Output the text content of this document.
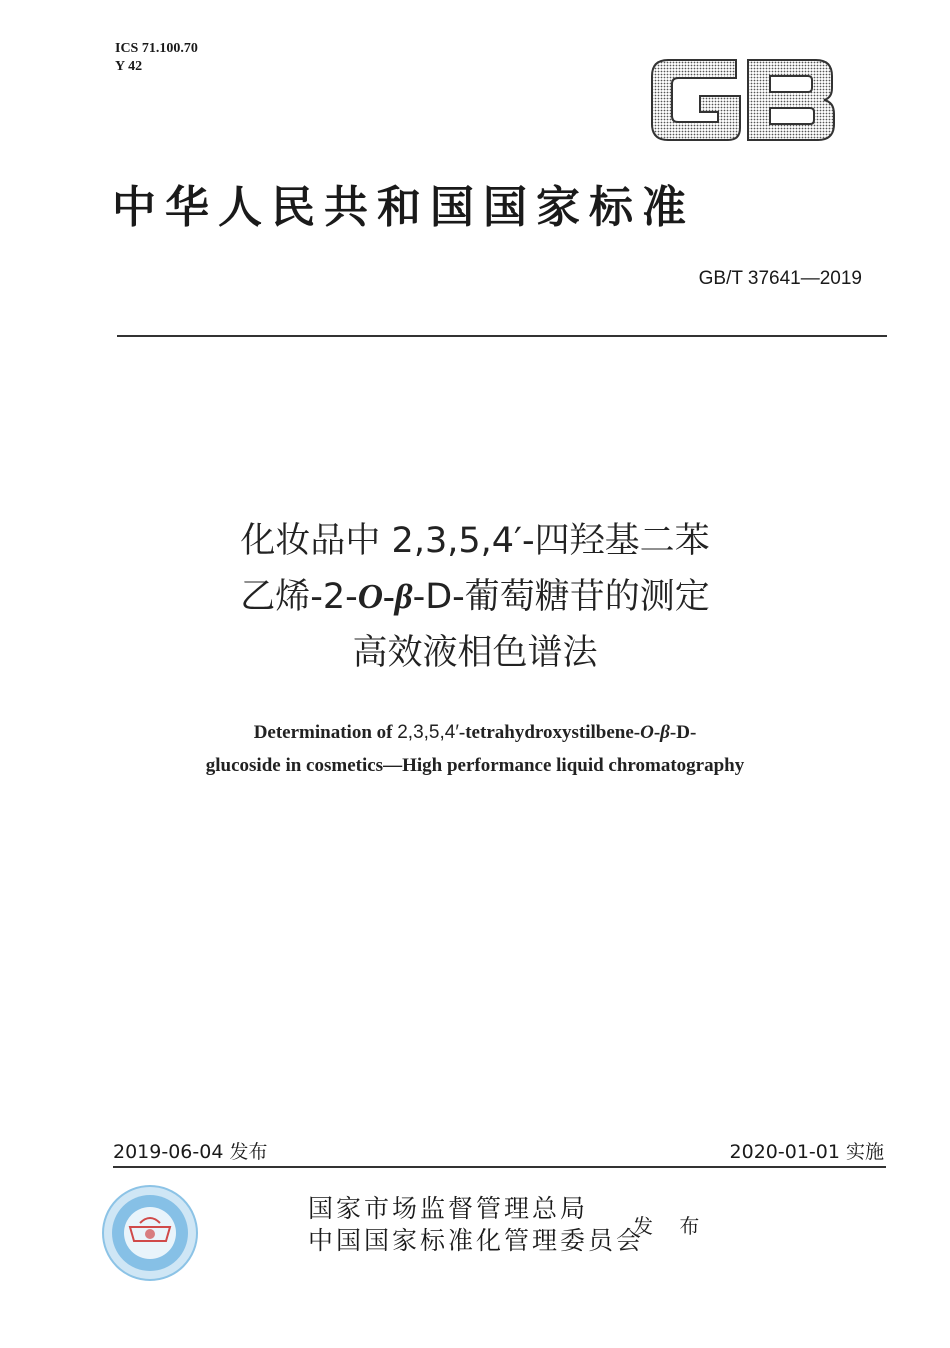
ICS 71.100.70
Y 42
中华人民共和国国家标准
GB/T 37641—2019
化妆品中 2,3,5,4′-四羟基二苯
乙烯-2-O-β-D-葡萄糖苷的测定
高效液相色谱法
Determination of 2,3,5,4′-tetrahydroxystilbene-O-β-D-
glucoside in cosmetics—High performance liquid chromatography
2019-06-04 发布	2020-01-01 实施
国家市场监督管理总局
中国国家标准化管理委员会
发 布
